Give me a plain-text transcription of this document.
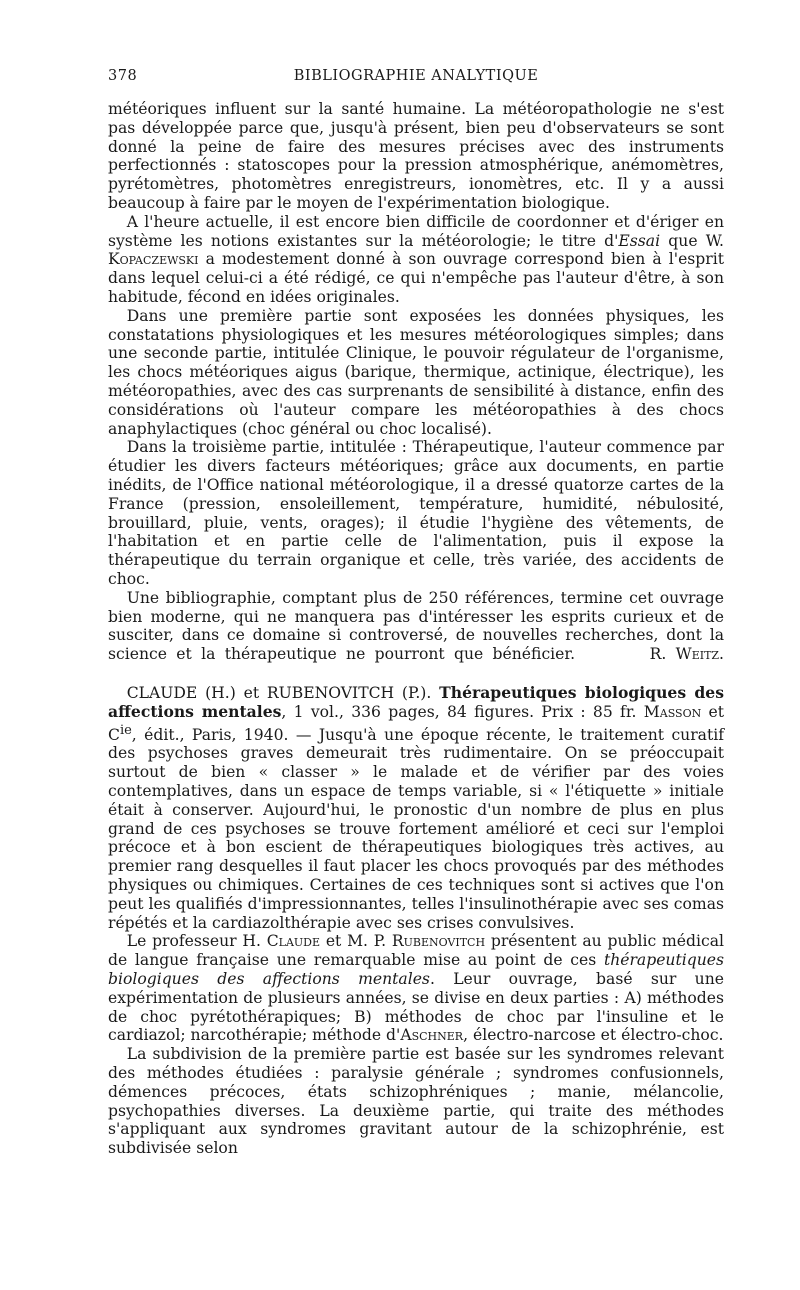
378	BIBLIOGRAPHIE ANALYTIQUE

météoriques influent sur la santé humaine. La météoropathologie ne s'est pas développée parce que, jusqu'à présent, bien peu d'observateurs se sont donné la peine de faire des mesures précises avec des instruments perfectionnés : statoscopes pour la pression atmosphérique, anémomètres, pyrétomètres, photomètres enregistreurs, ionomètres, etc. Il y a aussi beaucoup à faire par le moyen de l'expérimentation biologique.

A l'heure actuelle, il est encore bien difficile de coordonner et d'ériger en système les notions existantes sur la météorologie; le titre d'Essai que W. Kopaczewski a modestement donné à son ouvrage correspond bien à l'esprit dans lequel celui-ci a été rédigé, ce qui n'empêche pas l'auteur d'être, à son habitude, fécond en idées originales.

Dans une première partie sont exposées les données physiques, les constatations physiologiques et les mesures météorologiques simples; dans une seconde partie, intitulée Clinique, le pouvoir régulateur de l'organisme, les chocs météoriques aigus (barique, thermique, actinique, électrique), les météoropathies, avec des cas surprenants de sensibilité à distance, enfin des considérations où l'auteur compare les météoropathies à des chocs anaphylactiques (choc général ou choc localisé).

Dans la troisième partie, intitulée : Thérapeutique, l'auteur commence par étudier les divers facteurs météoriques; grâce aux documents, en partie inédits, de l'Office national météorologique, il a dressé quatorze cartes de la France (pression, ensoleillement, température, humidité, nébulosité, brouillard, pluie, vents, orages); il étudie l'hygiène des vêtements, de l'habitation et en partie celle de l'alimentation, puis il expose la thérapeutique du terrain organique et celle, très variée, des accidents de choc.

Une bibliographie, comptant plus de 250 références, termine cet ouvrage bien moderne, qui ne manquera pas d'intéresser les esprits curieux et de susciter, dans ce domaine si controversé, de nouvelles recherches, dont la science et la thérapeutique ne pourront que bénéficier.	R. Weitz.

CLAUDE (H.) et RUBENOVITCH (P.). Thérapeutiques biologiques des affections mentales, 1 vol., 336 pages, 84 figures. Prix : 85 fr. Masson et $C^{ie}$, édit., Paris, 1940. — Jusqu'à une époque récente, le traitement curatif des psychoses graves demeurait très rudimentaire. On se préoccupait surtout de bien « classer » le malade et de vérifier par des voies contemplatives, dans un espace de temps variable, si « l'étiquette » initiale était à conserver. Aujourd'hui, le pronostic d'un nombre de plus en plus grand de ces psychoses se trouve fortement amélioré et ceci sur l'emploi précoce et à bon escient de thérapeutiques biologiques très actives, au premier rang desquelles il faut placer les chocs provoqués par des méthodes physiques ou chimiques. Certaines de ces techniques sont si actives que l'on peut les qualifiés d'impressionnantes, telles l'insulinothérapie avec ses comas répétés et la cardiazolthérapie avec ses crises convulsives.

Le professeur H. Claude et M. P. Rubenovitch présentent au public médical de langue française une remarquable mise au point de ces thérapeutiques biologiques des affections mentales. Leur ouvrage, basé sur une expérimentation de plusieurs années, se divise en deux parties : A) méthodes de choc pyrétothérapiques; B) méthodes de choc par l'insuline et le cardiazol; narcothérapie; méthode d'Aschner, électro-narcose et électro-choc.

La subdivision de la première partie est basée sur les syndromes relevant des méthodes étudiées : paralysie générale ; syndromes confusionnels, démences précoces, états schizophréniques ; manie, mélancolie, psychopathies diverses. La deuxième partie, qui traite des méthodes s'appliquant aux syndromes gravitant autour de la schizophrénie, est subdivisée selon
